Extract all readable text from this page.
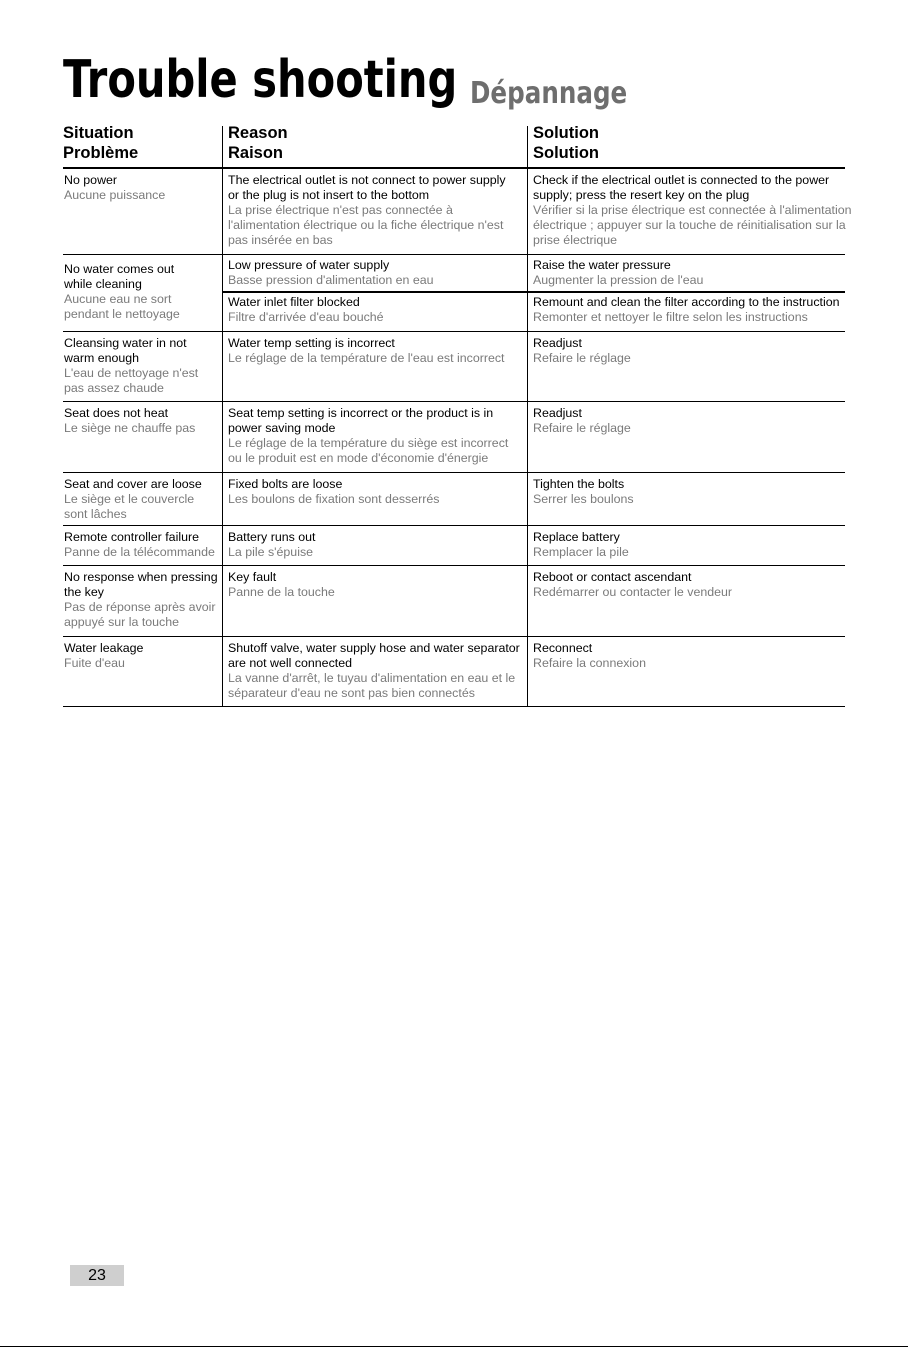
Trouble shooting Dépannage
Situation
Problème
Reason
Raison
Solution
Solution
No power
Aucune puissance
The electrical outlet is not connect to power supply
or the plug is not insert to the bottom
La prise électrique n'est pas connectée à
l'alimentation électrique ou la fiche électrique n'est
pas insérée en bas
Check if the electrical outlet is connected to the power
supply; press the resert key on the plug
Vérifier si la prise électrique est connectée à l'alimentation
électrique ; appuyer sur la touche de réinitialisation sur la
prise électrique
No water comes out
while cleaning
Aucune eau ne sort
pendant le nettoyage
Low pressure of water supply
Basse pression d'alimentation en eau
Raise the water pressure
Augmenter la pression de l'eau
Water inlet filter blocked
Filtre d'arrivée d'eau bouché
Remount and clean the filter according to the instruction
Remonter et nettoyer le filtre selon les instructions
Cleansing water in not
warm enough
L'eau de nettoyage n'est
pas assez chaude
Water temp setting is incorrect
Le réglage de la température de l'eau est incorrect
Readjust
Refaire le réglage
Seat does not heat
Le siège ne chauffe pas
Seat temp setting is incorrect or the product is in
power saving mode
Le réglage de la température du siège est incorrect
ou le produit est en mode d'économie d'énergie
Readjust
Refaire le réglage
Seat and cover are loose
Le siège et le couvercle
sont lâches
Fixed bolts are loose
Les boulons de fixation sont desserrés
Tighten the bolts
Serrer les boulons
Remote controller failure
Panne de la télécommande
Battery runs out
La pile s'épuise
Replace battery
Remplacer la pile
No response when pressing
the key
Pas de réponse après avoir
appuyé sur la touche
Key fault
Panne de la touche
Reboot or contact ascendant
Redémarrer ou contacter le vendeur
Water leakage
Fuite d'eau
Shutoff valve, water supply hose and water separator
are not well connected
La vanne d'arrêt, le tuyau d'alimentation en eau et le
séparateur d'eau ne sont pas bien connectés
Reconnect
Refaire la connexion
23
